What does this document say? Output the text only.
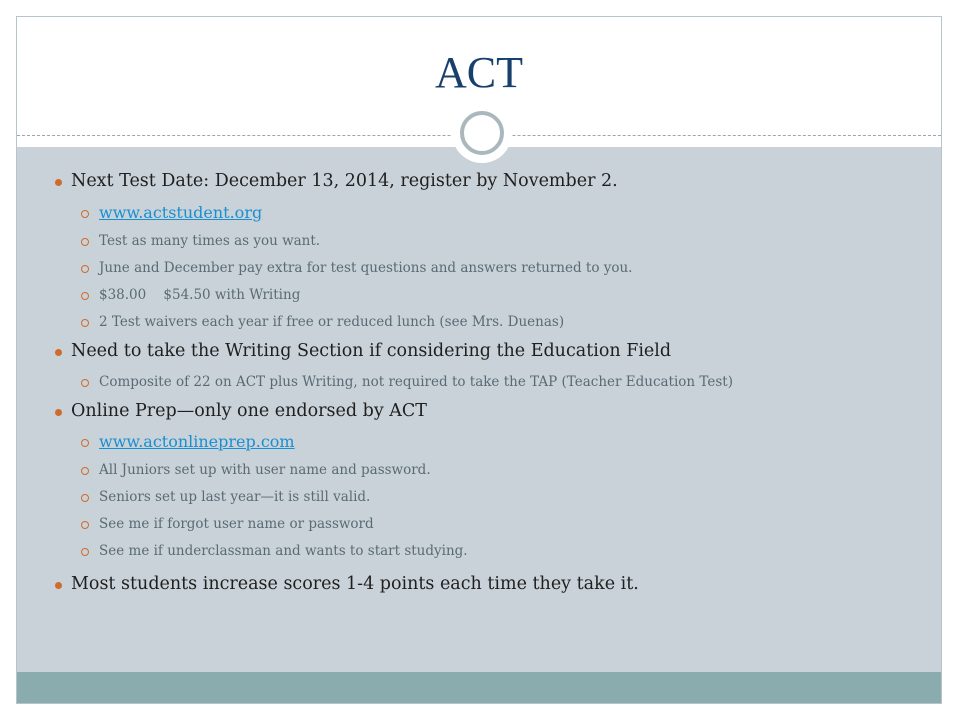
ACT
Next Test Date: December 13, 2014, register by November 2.
www.actstudent.org
Test as many times as you want.
June and December pay extra for test questions and answers returned to you.
$38.00    $54.50 with Writing
2 Test waivers each year if free or reduced lunch (see Mrs. Duenas)
Need to take the Writing Section if considering the Education Field
Composite of 22 on ACT plus Writing, not required to take the TAP (Teacher Education Test)
Online Prep—only one endorsed by ACT
www.actonlineprep.com
All Juniors set up with user name and password.
Seniors set up last year—it is still valid.
See me if forgot user name or password
See me if underclassman and wants to start studying.
Most students increase scores 1-4 points each time they take it.
